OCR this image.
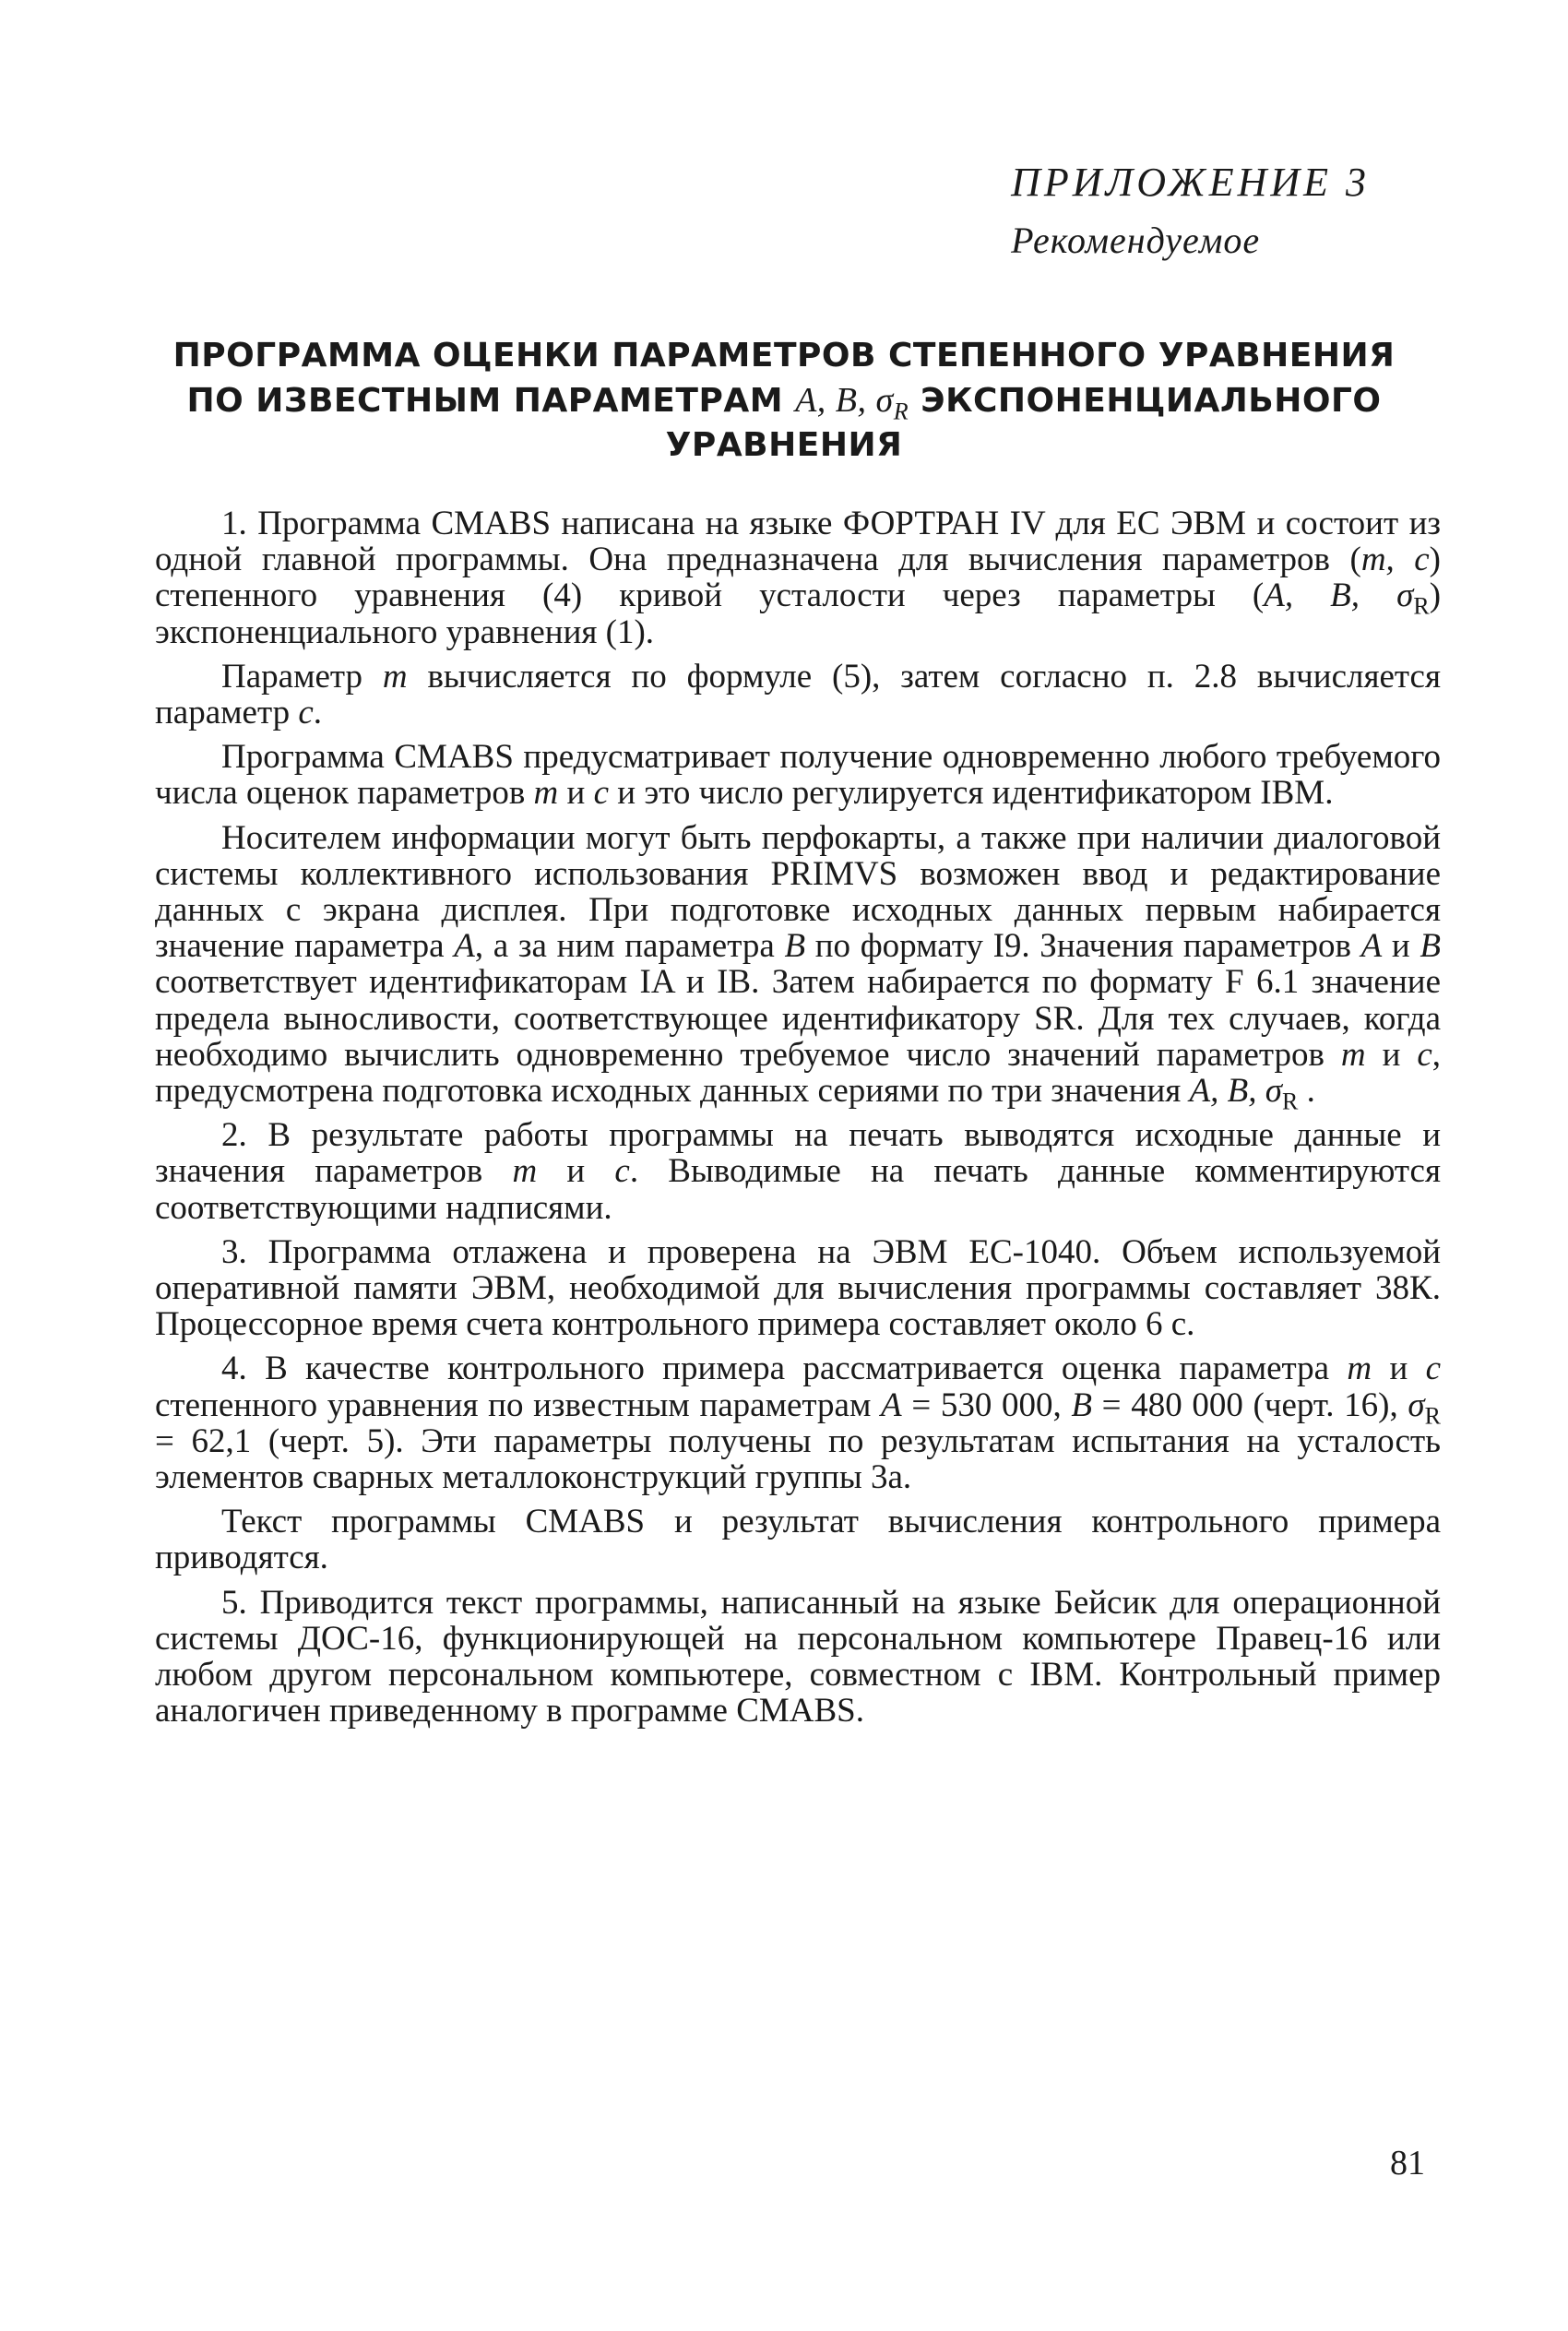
ПРИЛОЖЕНИЕ 3
Рекомендуемое
ПРОГРАММА ОЦЕНКИ ПАРАМЕТРОВ СТЕПЕННОГО УРАВНЕНИЯ
ПО ИЗВЕСТНЫМ ПАРАМЕТРАМ A, B, $\sigma_R$ ЭКСПОНЕНЦИАЛЬНОГО
УРАВНЕНИЯ

1. Программа CMABS написана на языке ФОРТРАН IV для ЕС ЭВМ и состоит из одной главной программы. Она предназначена для вычисления параметров (m, c) степенного уравнения (4) кривой усталости через параметры (A, B, $\sigma_R$) экспоненциального уравнения (1).

Параметр m вычисляется по формуле (5), затем согласно п. 2.8 вычисляется параметр c.

Программа CMABS предусматривает получение одновременно любого требуемого числа оценок параметров m и c и это число регулируется идентификатором IBM.

Носителем информации могут быть перфокарты, а также при наличии диалоговой системы коллективного использования PRIMVS возможен ввод и редактирование данных с экрана дисплея. При подготовке исходных данных первым набирается значение параметра A, а за ним параметра B по формату I9. Значения параметров A и B соответствует идентификаторам IA и IB. Затем набирается по формату F 6.1 значение предела выносливости, соответствующее идентификатору SR. Для тех случаев, когда необходимо вычислить одновременно требуемое число значений параметров m и c, предусмотрена подготовка исходных данных сериями по три значения A, B, $\sigma_R$ .

2. В результате работы программы на печать выводятся исходные данные и значения параметров m и c. Выводимые на печать данные комментируются соответствующими надписями.

3. Программа отлажена и проверена на ЭВМ ЕС-1040. Объем используемой оперативной памяти ЭВМ, необходимой для вычисления программы составляет 38К. Процессорное время счета контрольного примера составляет около 6 с.

4. В качестве контрольного примера рассматривается оценка параметра m и c степенного уравнения по известным параметрам A = 530 000, B = 480 000 (черт. 16), $\sigma_R = 62,1$ (черт. 5). Эти параметры получены по результатам испытания на усталость элементов сварных металлоконструкций группы 3а.

Текст программы CMABS и результат вычисления контрольного примера приводятся.

5. Приводится текст программы, написанный на языке Бейсик для операционной системы ДОС-16, функционирующей на персональном компьютере Правец-16 или любом другом персональном компьютере, совместном с IBM. Контрольный пример аналогичен приведенному в программе CMABS.

81
